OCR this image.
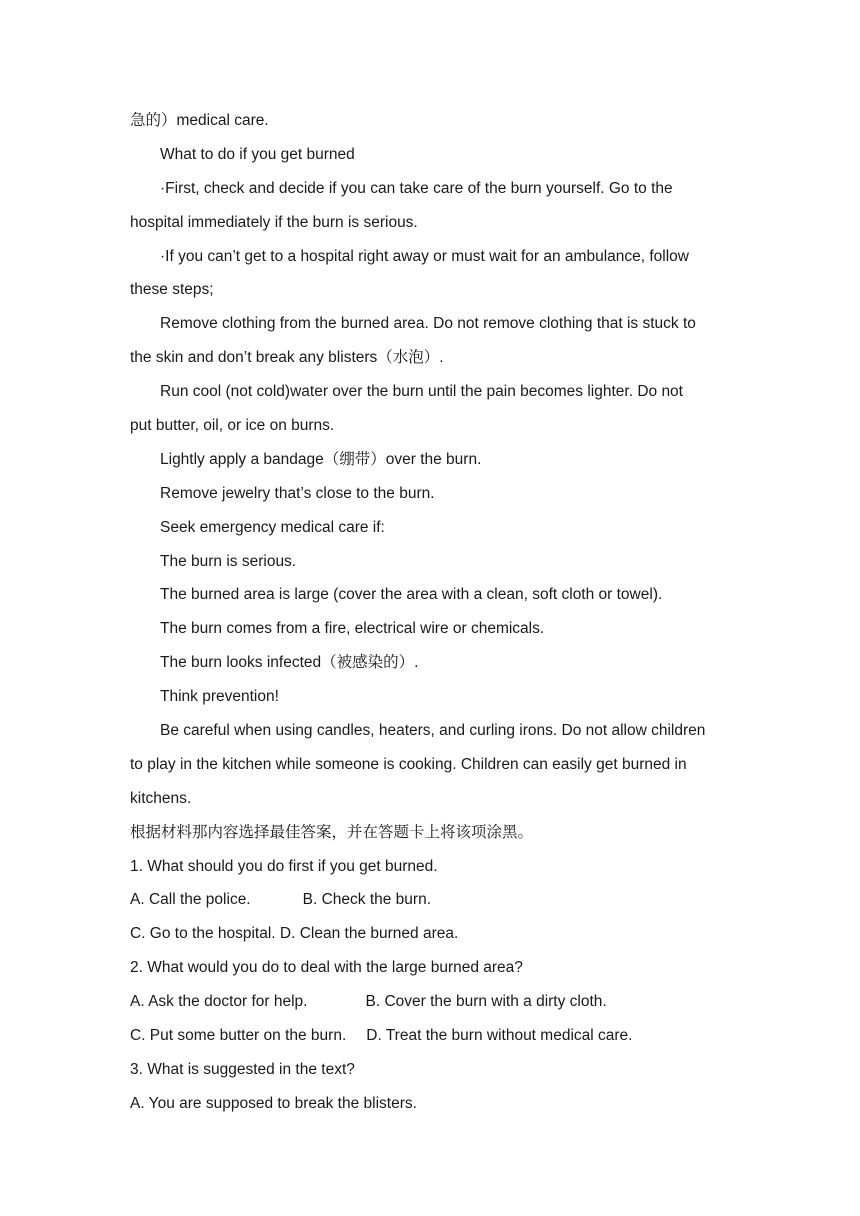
急的）medical care.

What to do if you get burned

·First, check and decide if you can take care of the burn yourself. Go to the

hospital immediately if the burn is serious.

·If you can’t get to a hospital right away or must wait for an ambulance, follow

these steps;

Remove clothing from the burned area. Do not remove clothing that is stuck to

the skin and don’t break any blisters（水泡）.

Run cool (not cold)water over the burn until the pain becomes lighter. Do not

put butter, oil, or ice on burns.

Lightly apply a bandage（绷带）over the burn.

Remove jewelry that’s close to the burn.

Seek emergency medical care if:

The burn is serious.

The burned area is large (cover the area with a clean, soft cloth or towel).

The burn comes from a fire, electrical wire or chemicals.

The burn looks infected（被感染的）.

Think prevention!

Be careful when using candles, heaters, and curling irons. Do not allow children

to play in the kitchen while someone is cooking. Children can easily get burned in

kitchens.

根据材料那内容选择最佳答案，并在答题卡上将该项涂黑。

1. What should you do first if you get burned.

A. Call the police.	B. Check the burn.

C. Go to the hospital. D. Clean the burned area.

2. What would you do to deal with the large burned area?

A. Ask the doctor for help.	B. Cover the burn with a dirty cloth.

C. Put some butter on the burn. D. Treat the burn without medical care.

3. What is suggested in the text?

A. You are supposed to break the blisters.
